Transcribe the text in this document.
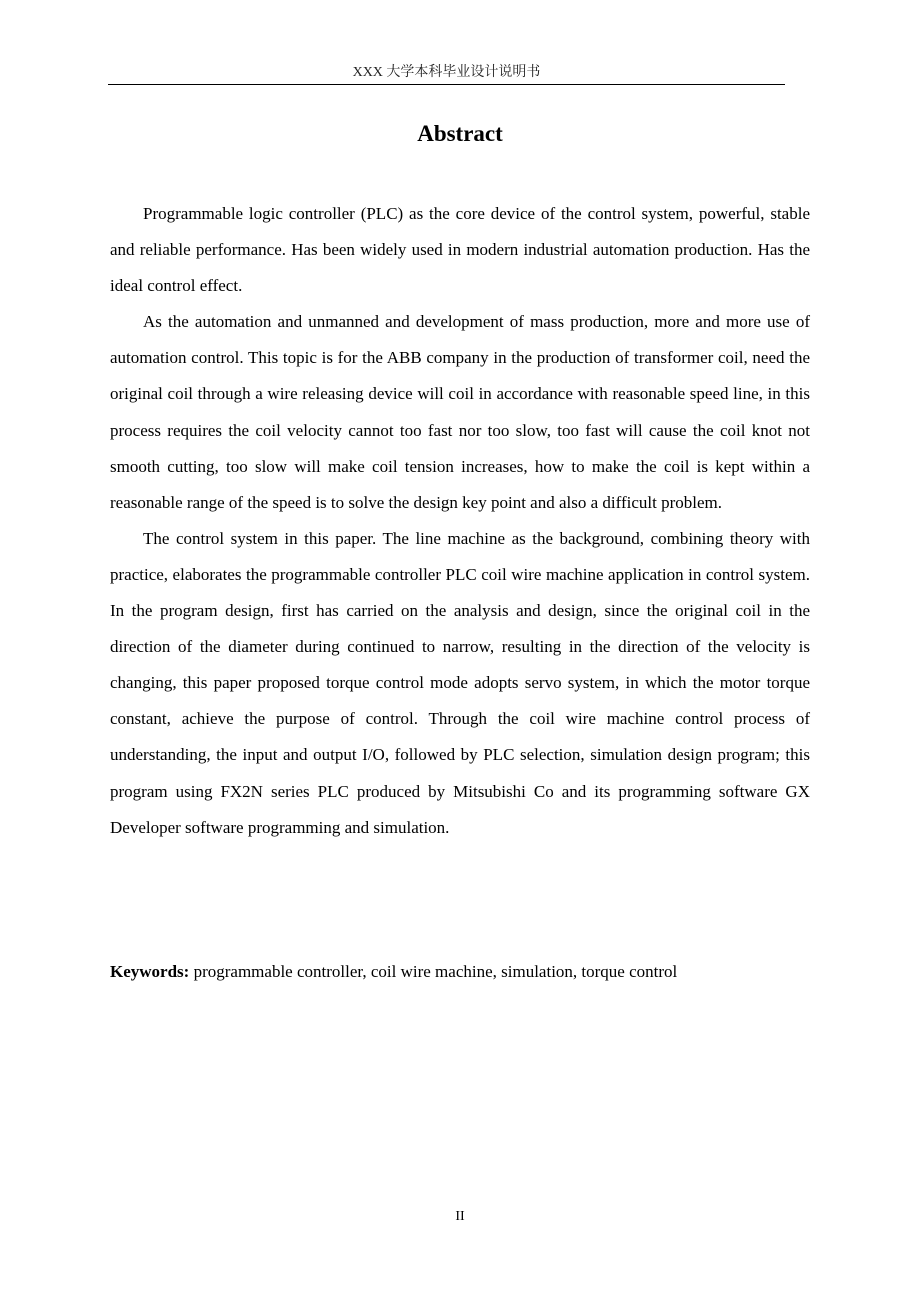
XXX 大学本科毕业设计说明书
Abstract

Programmable logic controller (PLC) as the core device of the control system, powerful, stable and reliable performance. Has been widely used in modern industrial automation production. Has the ideal control effect.

As the automation and unmanned and development of mass production, more and more use of automation control. This topic is for the ABB company in the production of transformer coil, need the original coil through a wire releasing device will coil in accordance with reasonable speed line, in this process requires the coil velocity cannot too fast nor too slow, too fast will cause the coil knot not smooth cutting, too slow will make coil tension increases, how to make the coil is kept within a reasonable range of the speed is to solve the design key point and also a difficult problem.

The control system in this paper. The line machine as the background, combining theory with practice, elaborates the programmable controller PLC coil wire machine application in control system. In the program design, first has carried on the analysis and design, since the original coil in the direction of the diameter during continued to narrow, resulting in the direction of the velocity is changing, this paper proposed torque control mode adopts servo system, in which the motor torque constant, achieve the purpose of control. Through the coil wire machine control process of understanding, the input and output I/O, followed by PLC selection, simulation design program; this program using FX2N series PLC produced by Mitsubishi Co and its programming software GX Developer software programming and simulation.

Keywords: programmable controller, coil wire machine, simulation, torque control

II
